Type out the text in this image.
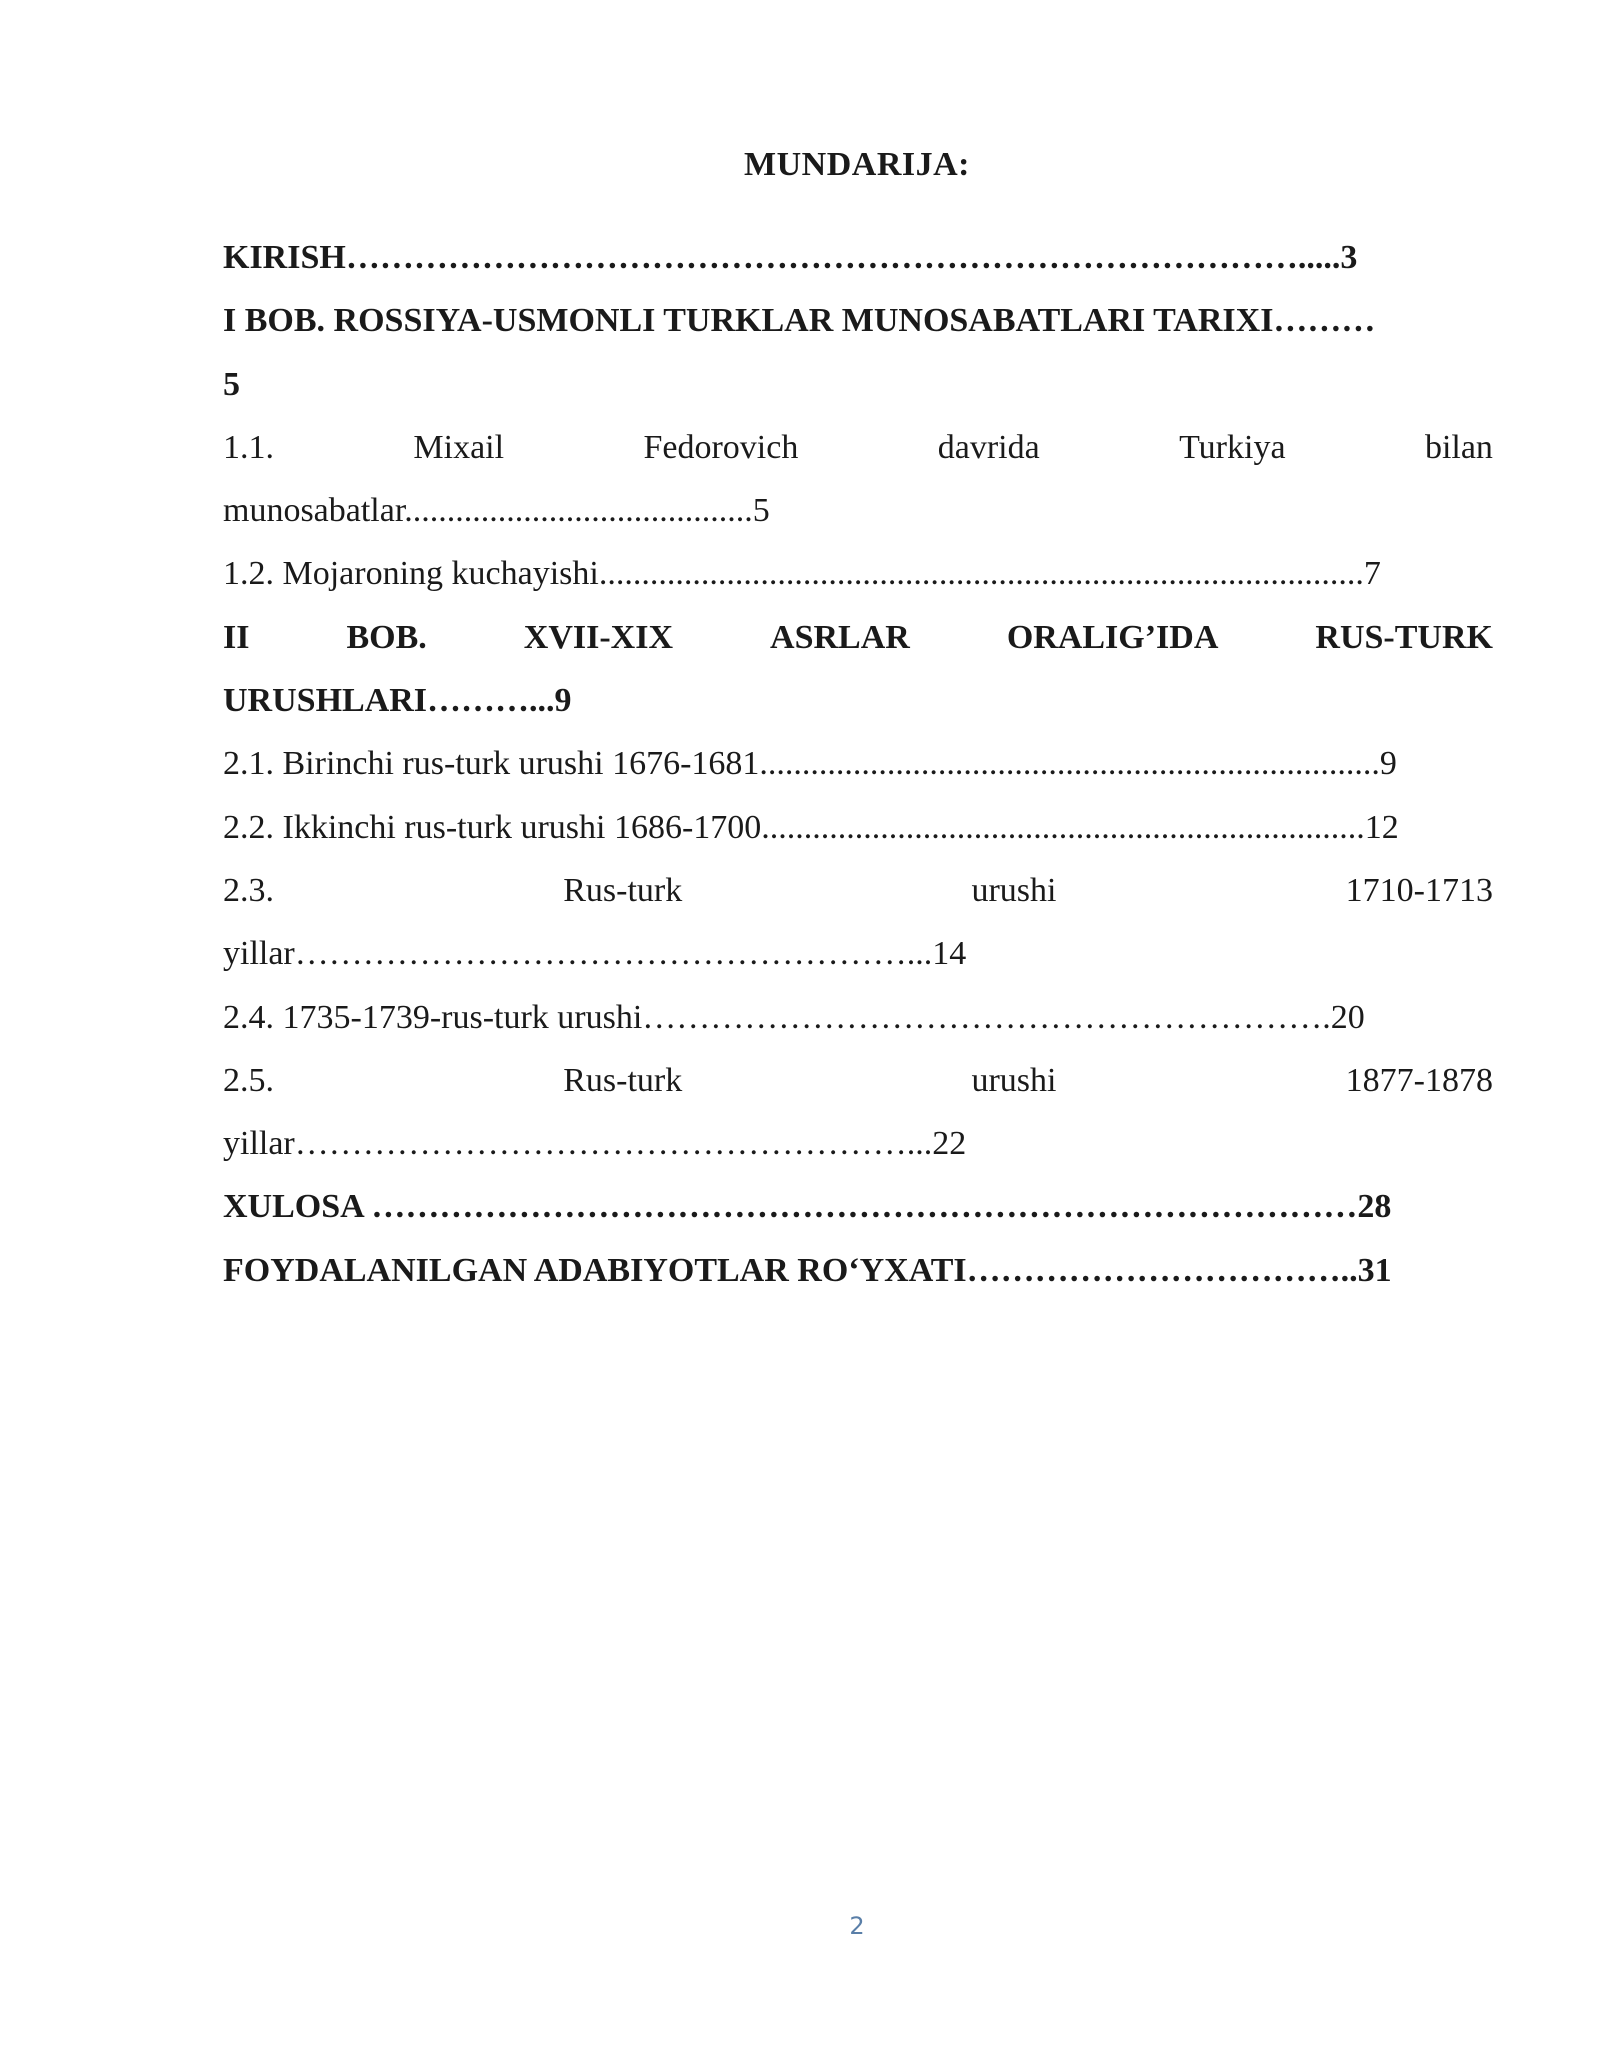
MUNDARIJA:
KIRISH………………………………………………………………………….....3
I BOB. ROSSIYA-USMONLI TURKLAR MUNOSABATLARI TARIXI………
5
1.1.	Mixail	Fedorovich	davrida	Turkiya	bilan
munosabatlar.........................................5
1.2. Mojaroning kuchayishi..........................................................................................7
II	BOB.	XVII-XIX	ASRLAR	ORALIG’IDA	RUS-TURK
URUSHLARI………...9
2.1. Birinchi rus-turk urushi 1676-1681.........................................................................9
2.2. Ikkinchi rus-turk urushi 1686-1700.......................................................................12
2.3.	Rus-turk	urushi	1710-1713
yillar………………………………………………...14
2.4. 1735-1739-rus-turk urushi…………………………………………………….20
2.5.	Rus-turk	urushi	1877-1878
yillar………………………………………………...22
XULOSA ……………………………………………………………………………28
FOYDALANILGAN ADABIYOTLAR RO‘YXATI……………………………..31
2
